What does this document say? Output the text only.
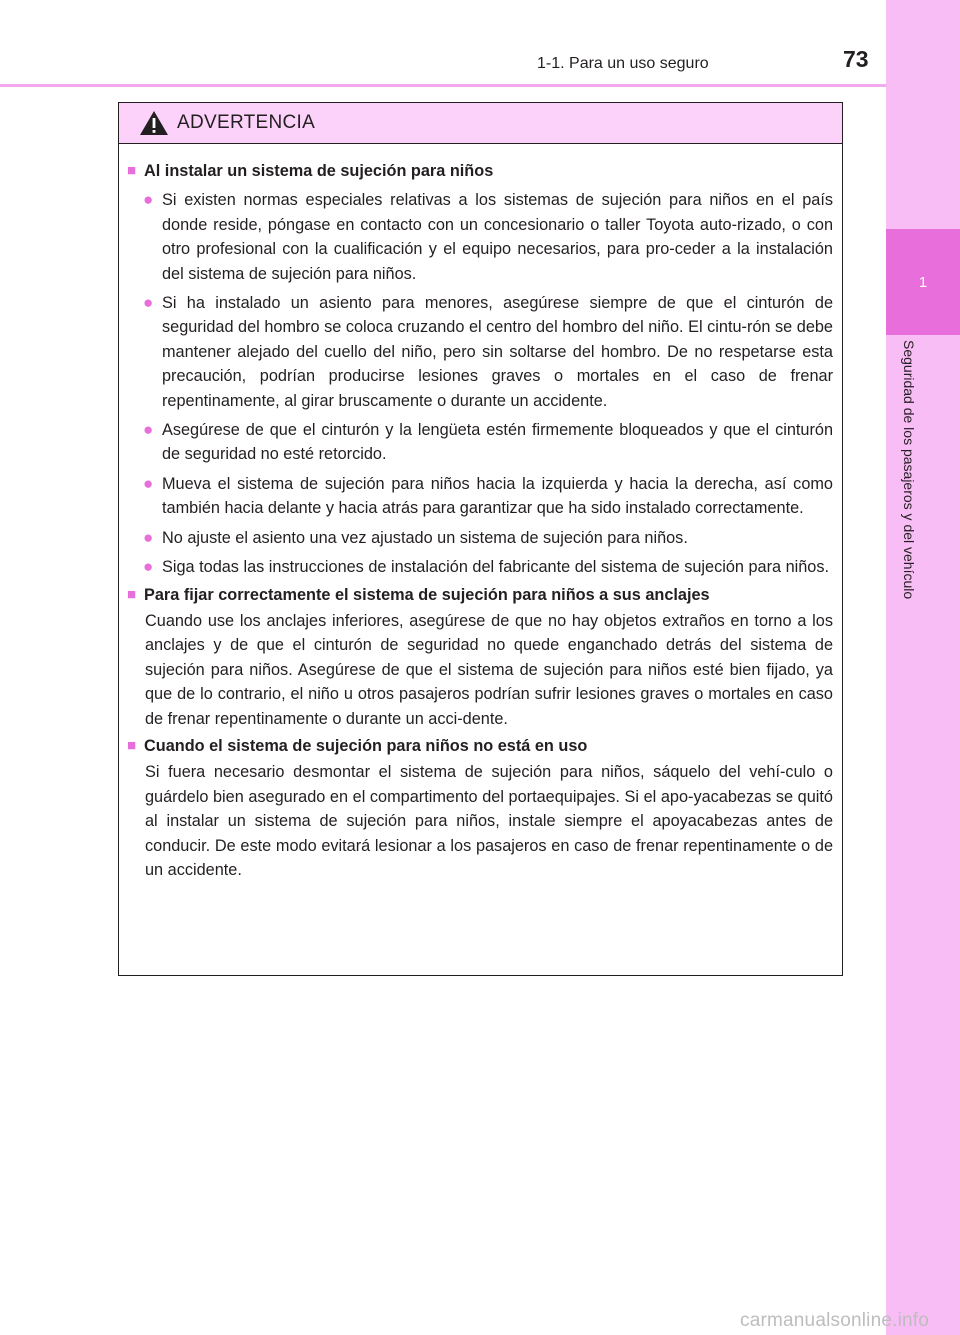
1
Seguridad de los pasajeros y del vehículo
1-1. Para un uso seguro	73
ADVERTENCIA
■ Al instalar un sistema de sujeción para niños
● Si existen normas especiales relativas a los sistemas de sujeción para niños en el país donde reside, póngase en contacto con un concesionario o taller Toyota auto-rizado, o con otro profesional con la cualificación y el equipo necesarios, para pro-ceder a la instalación del sistema de sujeción para niños.
● Si ha instalado un asiento para menores, asegúrese siempre de que el cinturón de seguridad del hombro se coloca cruzando el centro del hombro del niño. El cintu-rón se debe mantener alejado del cuello del niño, pero sin soltarse del hombro. De no respetarse esta precaución, podrían producirse lesiones graves o mortales en el caso de frenar repentinamente, al girar bruscamente o durante un accidente.
● Asegúrese de que el cinturón y la lengüeta estén firmemente bloqueados y que el cinturón de seguridad no esté retorcido.
● Mueva el sistema de sujeción para niños hacia la izquierda y hacia la derecha, así como también hacia delante y hacia atrás para garantizar que ha sido instalado correctamente.
● No ajuste el asiento una vez ajustado un sistema de sujeción para niños.
● Siga todas las instrucciones de instalación del fabricante del sistema de sujeción para niños.
■ Para fijar correctamente el sistema de sujeción para niños a sus anclajes
Cuando use los anclajes inferiores, asegúrese de que no hay objetos extraños en torno a los anclajes y de que el cinturón de seguridad no quede enganchado detrás del sistema de sujeción para niños. Asegúrese de que el sistema de sujeción para niños esté bien fijado, ya que de lo contrario, el niño u otros pasajeros podrían sufrir lesiones graves o mortales en caso de frenar repentinamente o durante un acci-dente.
■ Cuando el sistema de sujeción para niños no está en uso
Si fuera necesario desmontar el sistema de sujeción para niños, sáquelo del vehí-culo o guárdelo bien asegurado en el compartimento del portaequipajes. Si el apo-yacabezas se quitó al instalar un sistema de sujeción para niños, instale siempre el apoyacabezas antes de conducir. De este modo evitará lesionar a los pasajeros en caso de frenar repentinamente o de un accidente.
carmanualsonline.info
